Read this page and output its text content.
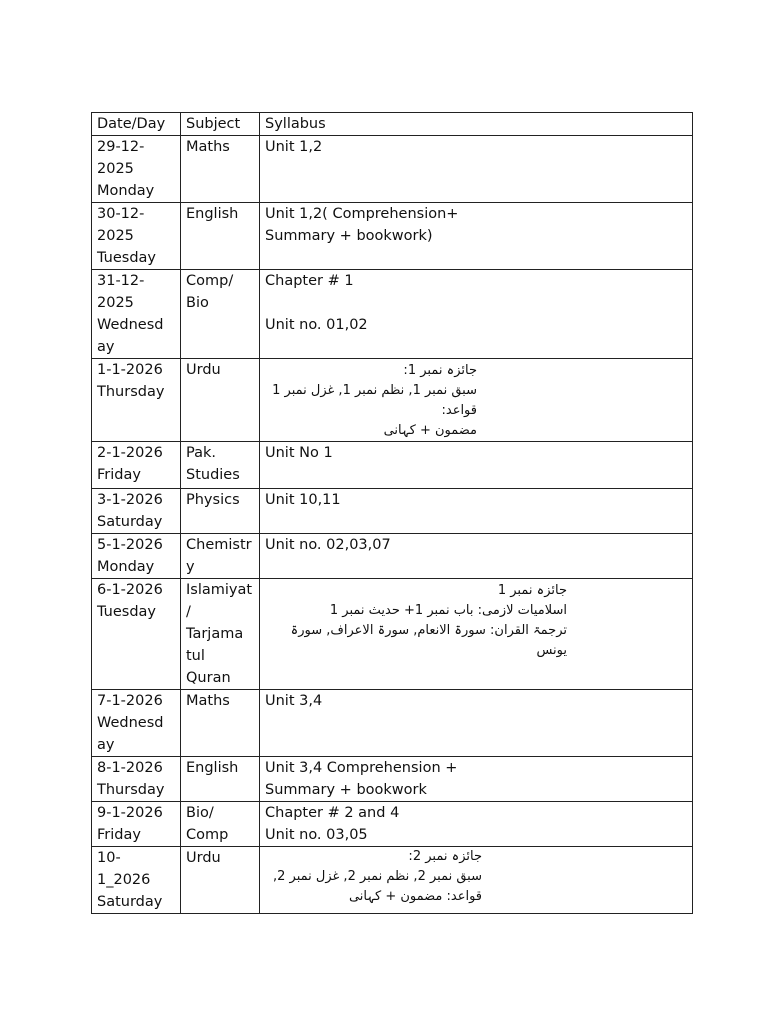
Date/Day	Subject	Syllabus

29-12-
2025
Monday	Maths	Unit 1,2

30-12-
2025
Tuesday	English	Unit 1,2( Comprehension+
Summary + bookwork)

31-12-
2025
Wednesd
ay	Comp/
Bio	Chapter # 1

Unit no. 01,02

1-1-2026
Thursday	Urdu	جائزہ نمبر 1:
سبق نمبر 1, نظم نمبر 1, غزل نمبر 1
قواعد:
مضمون + کہانی

2-1-2026
Friday	Pak.
Studies	Unit No 1

3-1-2026
Saturday	Physics	Unit 10,11

5-1-2026
Monday	Chemistr
y	Unit no. 02,03,07

6-1-2026
Tuesday	Islamiyat
/
Tarjama
tul
Quran	جائزہ نمبر 1
اسلامیات لازمی: باب نمبر 1+ حدیث نمبر 1
ترجمۃ القران: سورۃ الانعام, سورۃ الاعراف, سورۃ یونس

7-1-2026
Wednesd
ay	Maths	Unit 3,4

8-1-2026
Thursday	English	Unit 3,4 Comprehension +
Summary + bookwork

9-1-2026
Friday	Bio/
Comp	Chapter # 2 and 4
Unit no. 03,05

10-
1_2026
Saturday	Urdu	جائزہ نمبر 2:
سبق نمبر 2, نظم نمبر 2, غزل نمبر 2,
قواعد: مضمون + کہانی
